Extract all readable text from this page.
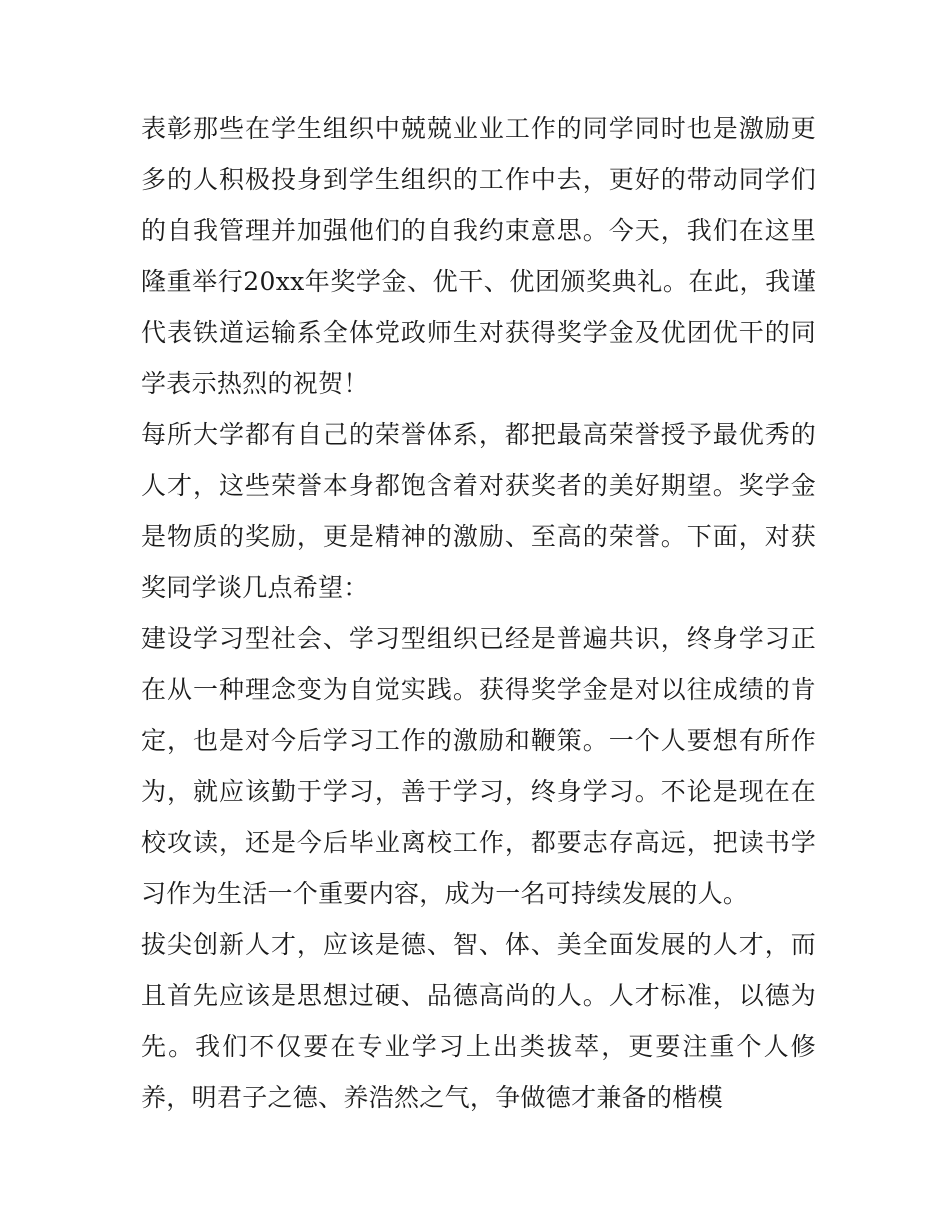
表彰那些在学生组织中兢兢业业工作的同学同时也是激励更多的人积极投身到学生组织的工作中去，更好的带动同学们的自我管理并加强他们的自我约束意思。今天，我们在这里隆重举行20xx年奖学金、优干、优团颁奖典礼。在此，我谨代表铁道运输系全体党政师生对获得奖学金及优团优干的同学表示热烈的祝贺！

每所大学都有自己的荣誉体系，都把最高荣誉授予最优秀的人才，这些荣誉本身都饱含着对获奖者的美好期望。奖学金是物质的奖励，更是精神的激励、至高的荣誉。下面，对获奖同学谈几点希望：

建设学习型社会、学习型组织已经是普遍共识，终身学习正在从一种理念变为自觉实践。获得奖学金是对以往成绩的肯定，也是对今后学习工作的激励和鞭策。一个人要想有所作为，就应该勤于学习，善于学习，终身学习。不论是现在在校攻读，还是今后毕业离校工作，都要志存高远，把读书学习作为生活一个重要内容，成为一名可持续发展的人。

拔尖创新人才，应该是德、智、体、美全面发展的人才，而且首先应该是思想过硬、品德高尚的人。人才标准，以德为先。我们不仅要在专业学习上出类拔萃，更要注重个人修养，明君子之德、养浩然之气，争做德才兼备的楷模
